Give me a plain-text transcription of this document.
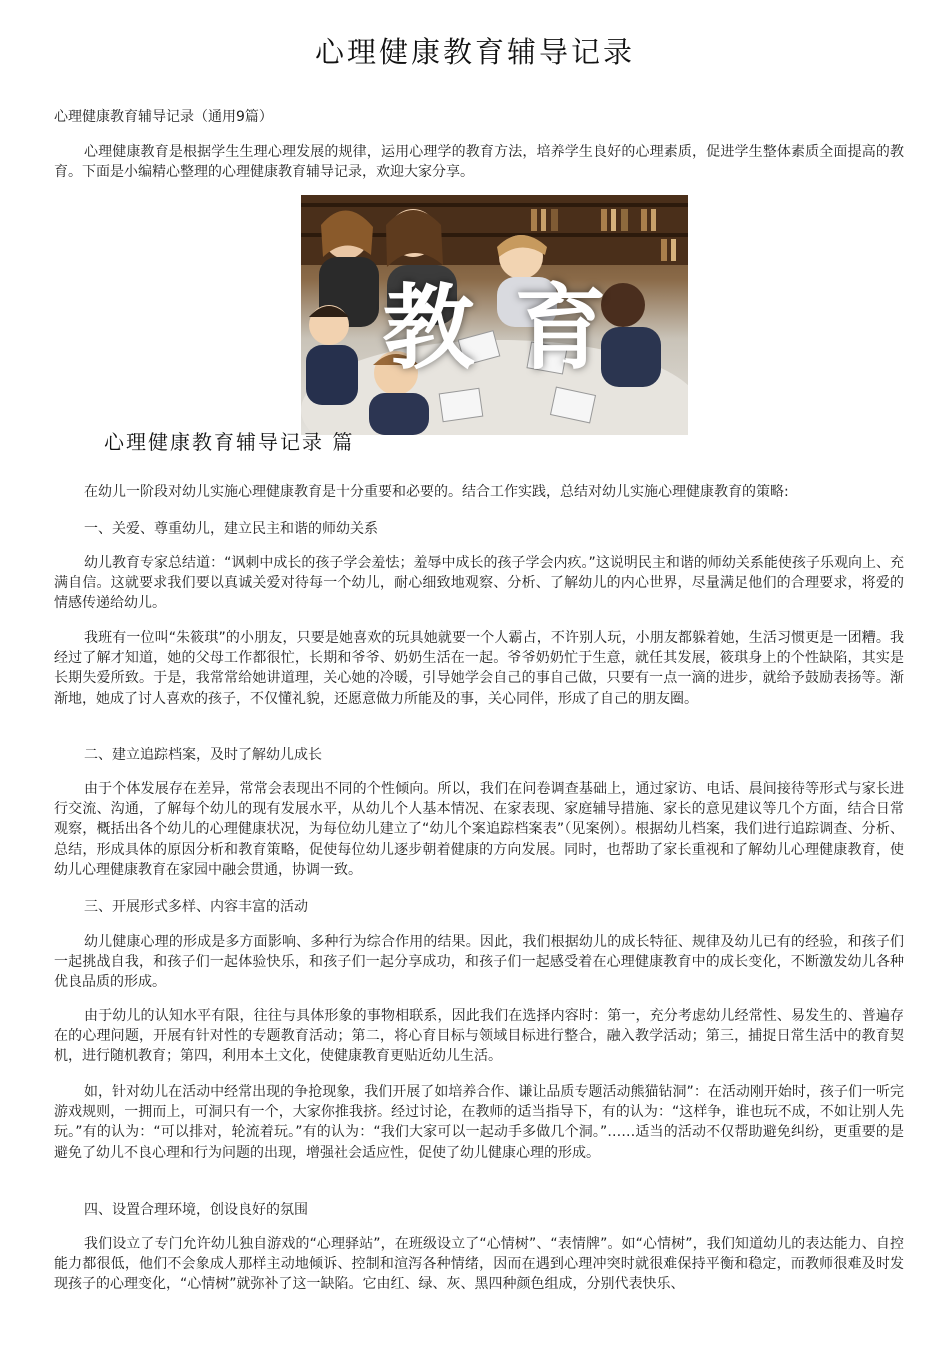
心理健康教育辅导记录
心理健康教育辅导记录（通用9篇）

心理健康教育是根据学生生理心理发展的规律，运用心理学的教育方法，培养学生良好的心理素质，促进学生整体素质全面提高的教育。下面是小编精心整理的心理健康教育辅导记录，欢迎大家分享。

教育
心理健康教育辅导记录 篇

在幼儿一阶段对幼儿实施心理健康教育是十分重要和必要的。结合工作实践，总结对幼儿实施心理健康教育的策略:

一、关爱、尊重幼儿，建立民主和谐的师幼关系

幼儿教育专家总结道：“讽刺中成长的孩子学会羞怯；羞辱中成长的孩子学会内疚。”这说明民主和谐的师幼关系能使孩子乐观向上、充满自信。这就要求我们要以真诚关爱对待每一个幼儿，耐心细致地观察、分析、了解幼儿的内心世界，尽量满足他们的合理要求，将爱的情感传递给幼儿。

我班有一位叫“朱筱琪”的小朋友，只要是她喜欢的玩具她就要一个人霸占，不许别人玩，小朋友都躲着她，生活习惯更是一团糟。我经过了解才知道，她的父母工作都很忙，长期和爷爷、奶奶生活在一起。爷爷奶奶忙于生意，就任其发展，筱琪身上的个性缺陷，其实是长期失爱所致。于是，我常常给她讲道理，关心她的冷暖，引导她学会自己的事自己做，只要有一点一滴的进步，就给予鼓励表扬等。渐渐地，她成了讨人喜欢的孩子，不仅懂礼貌，还愿意做力所能及的事，关心同伴，形成了自己的朋友圈。

二、建立追踪档案，及时了解幼儿成长

由于个体发展存在差异，常常会表现出不同的个性倾向。所以，我们在问卷调查基础上，通过家访、电话、晨间接待等形式与家长进行交流、沟通，了解每个幼儿的现有发展水平，从幼儿个人基本情况、在家表现、家庭辅导措施、家长的意见建议等几个方面，结合日常观察，概括出各个幼儿的心理健康状况，为每位幼儿建立了“幼儿个案追踪档案表”（见案例）。根据幼儿档案，我们进行追踪调查、分析、总结，形成具体的原因分析和教育策略，促使每位幼儿逐步朝着健康的方向发展。同时，也帮助了家长重视和了解幼儿心理健康教育，使幼儿心理健康教育在家园中融会贯通，协调一致。

三、开展形式多样、内容丰富的活动

幼儿健康心理的形成是多方面影响、多种行为综合作用的结果。因此，我们根据幼儿的成长特征、规律及幼儿已有的经验，和孩子们一起挑战自我，和孩子们一起体验快乐，和孩子们一起分享成功，和孩子们一起感受着在心理健康教育中的成长变化，不断激发幼儿各种优良品质的形成。

由于幼儿的认知水平有限，往往与具体形象的事物相联系，因此我们在选择内容时：第一，充分考虑幼儿经常性、易发生的、普遍存在的心理问题，开展有针对性的专题教育活动；第二，将心育目标与领域目标进行整合，融入教学活动；第三，捕捉日常生活中的教育契机，进行随机教育；第四，利用本土文化，使健康教育更贴近幼儿生活。

如，针对幼儿在活动中经常出现的争抢现象，我们开展了如培养合作、谦让品质专题活动熊猫钻洞”：在活动刚开始时，孩子们一听完游戏规则，一拥而上，可洞只有一个，大家你推我挤。经过讨论，在教师的适当指导下，有的认为：“这样争，谁也玩不成，不如让别人先玩。”有的认为：“可以排对，轮流着玩。”有的认为：“我们大家可以一起动手多做几个洞。”……适当的活动不仅帮助避免纠纷，更重要的是避免了幼儿不良心理和行为问题的出现，增强社会适应性，促使了幼儿健康心理的形成。

四、设置合理环境，创设良好的氛围

我们设立了专门允许幼儿独自游戏的“心理驿站”，在班级设立了“心情树”、“表情牌”。如“心情树”，我们知道幼儿的表达能力、自控能力都很低，他们不会象成人那样主动地倾诉、控制和渲泻各种情绪，因而在遇到心理冲突时就很难保持平衡和稳定，而教师很难及时发现孩子的心理变化，“心情树”就弥补了这一缺陷。它由红、绿、灰、黑四种颜色组成，分别代表快乐、
